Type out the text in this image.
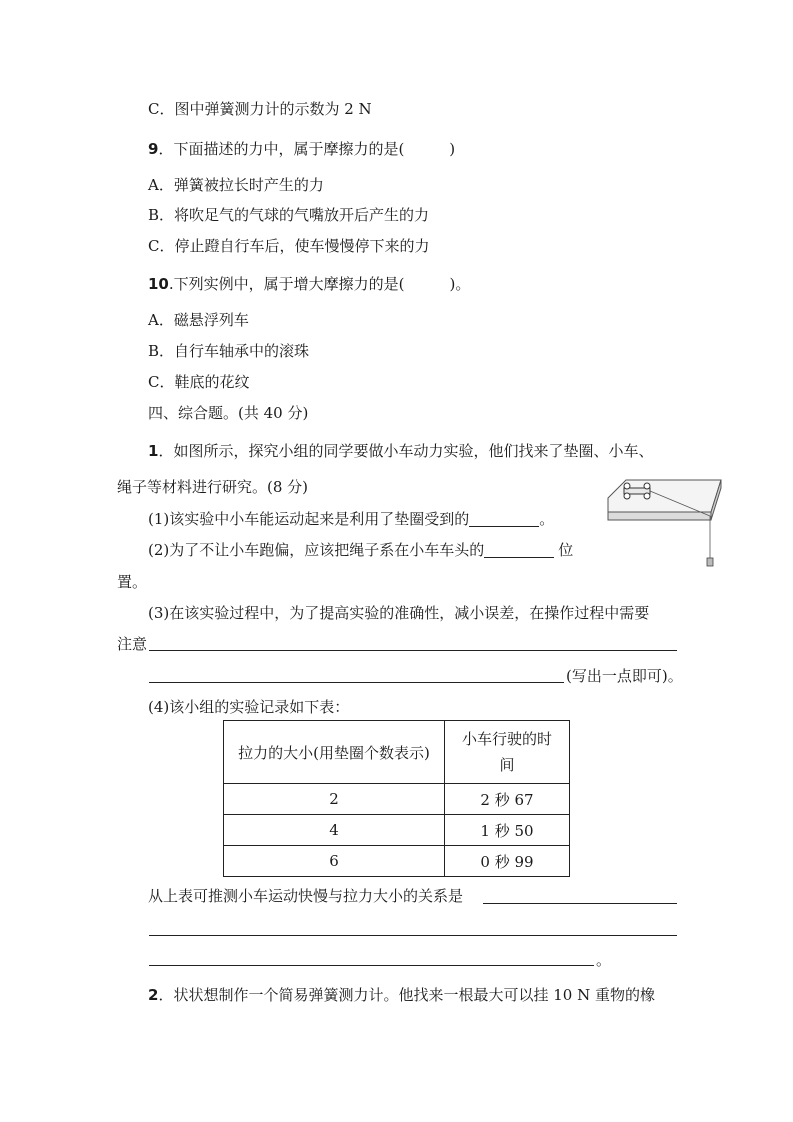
C．图中弹簧测力计的示数为 2 N
9．下面描述的力中，属于摩擦力的是(　　　)
A．弹簧被拉长时产生的力
B．将吹足气的气球的气嘴放开后产生的力
C．停止蹬自行车后，使车慢慢停下来的力
10.下列实例中，属于增大摩擦力的是(　　　)。
A．磁悬浮列车
B．自行车轴承中的滚珠
C．鞋底的花纹
四、综合题。(共 40 分)
1．如图所示，探究小组的同学要做小车动力实验，他们找来了垫圈、小车、
绳子等材料进行研究。(8 分)
(1)该实验中小车能运动起来是利用了垫圈受到的	。
(2)为了不让小车跑偏，应该把绳子系在小车车头的	位
置。
(3)在该实验过程中，为了提高实验的准确性，减小误差，在操作过程中需要
注意
(写出一点即可)。
(4)该小组的实验记录如下表：
拉力的大小(用垫圈个数表示)	小车行驶的时
间
2	2 秒 67
4	1 秒 50
6	0 秒 99
从上表可推测小车运动快慢与拉力大小的关系是
。
2．状状想制作一个简易弹簧测力计。他找来一根最大可以挂 10 N 重物的橡
